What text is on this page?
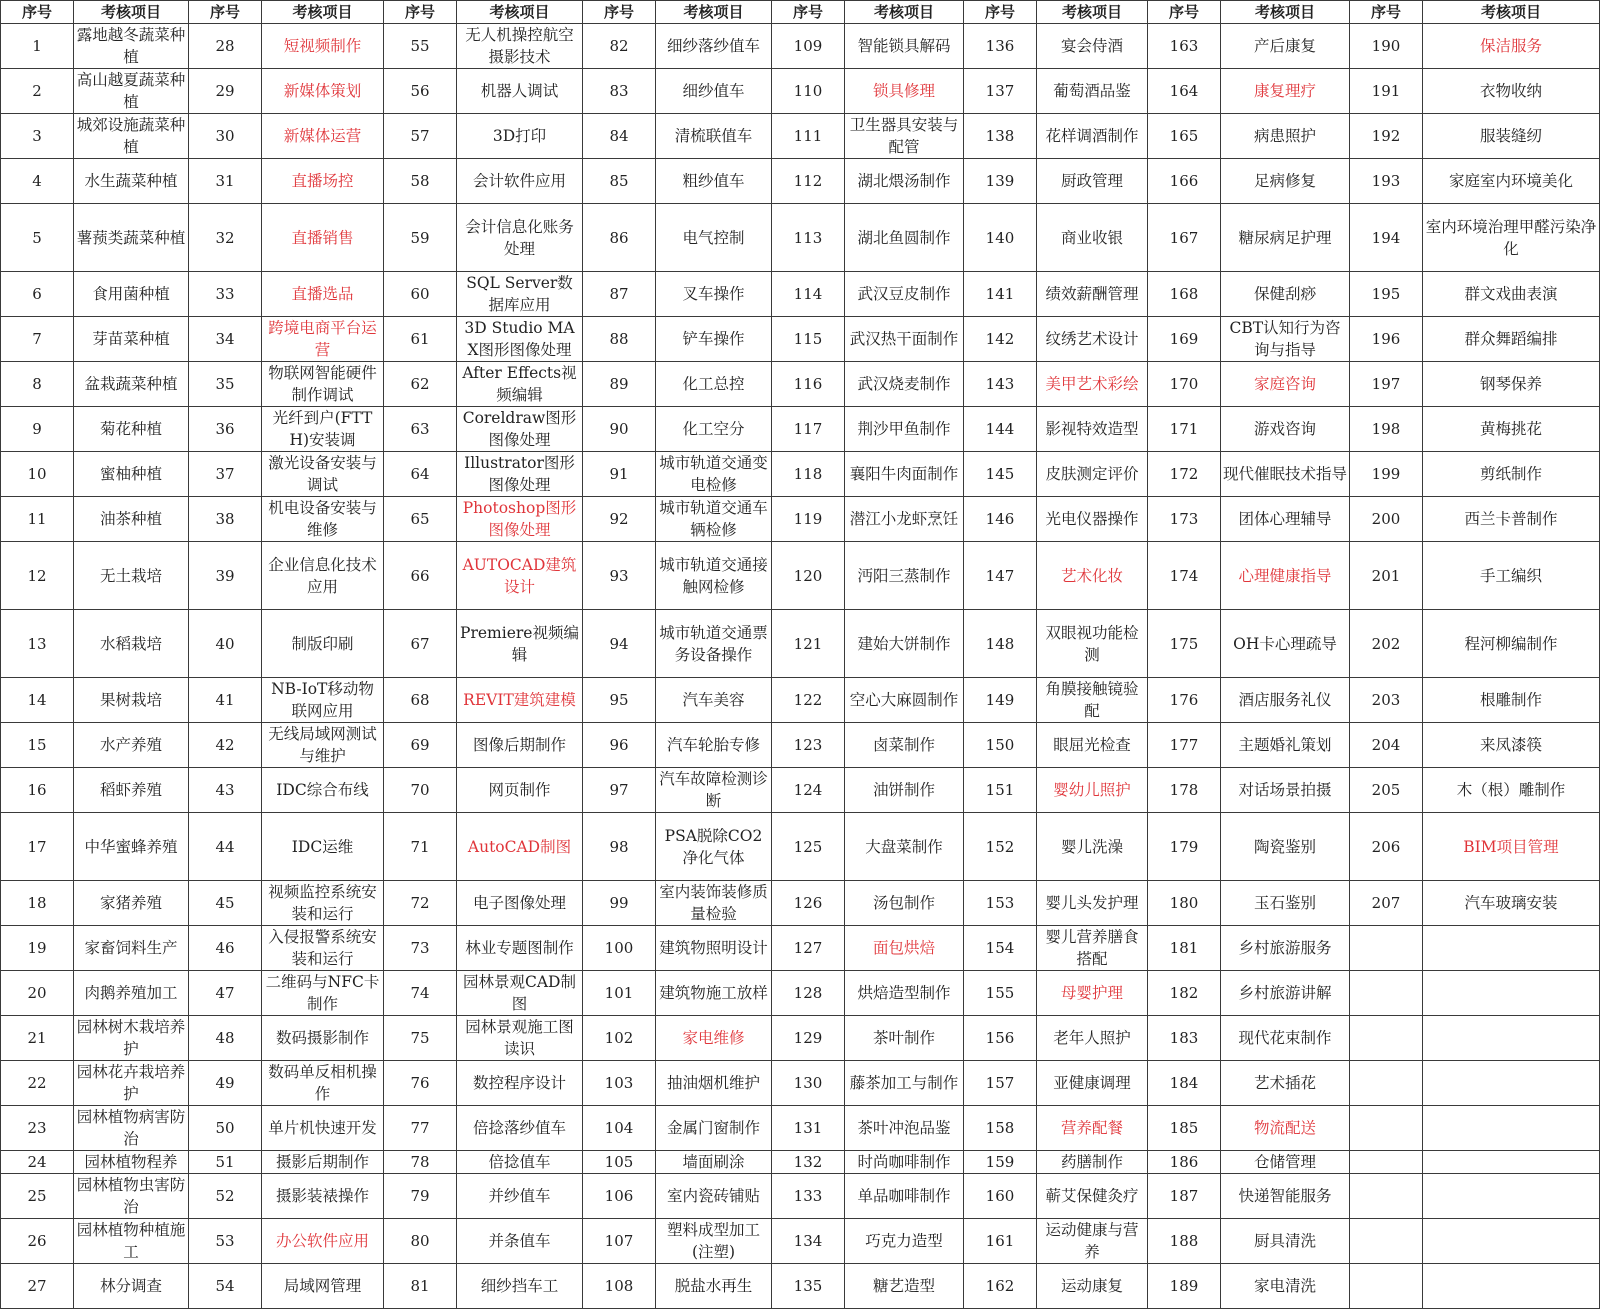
序号	考核项目	序号	考核项目	序号	考核项目	序号	考核项目	序号	考核项目	序号	考核项目	序号	考核项目	序号	考核项目
1	露地越冬蔬菜种植	28	短视频制作	55	无人机操控航空摄影技术	82	细纱落纱值车	109	智能锁具解码	136	宴会侍酒	163	产后康复	190	保洁服务
2	高山越夏蔬菜种植	29	新媒体策划	56	机器人调试	83	细纱值车	110	锁具修理	137	葡萄酒品鉴	164	康复理疗	191	衣物收纳
3	城郊设施蔬菜种植	30	新媒体运营	57	3D打印	84	清梳联值车	111	卫生器具安装与配管	138	花样调酒制作	165	病患照护	192	服装缝纫
4	水生蔬菜种植	31	直播场控	58	会计软件应用	85	粗纱值车	112	湖北煨汤制作	139	厨政管理	166	足病修复	193	家庭室内环境美化
5	薯蓣类蔬菜种植	32	直播销售	59	会计信息化账务处理	86	电气控制	113	湖北鱼圆制作	140	商业收银	167	糖尿病足护理	194	室内环境治理甲醛污染净化
6	食用菌种植	33	直播选品	60	SQL Server数据库应用	87	叉车操作	114	武汉豆皮制作	141	绩效薪酬管理	168	保健刮痧	195	群文戏曲表演
7	芽苗菜种植	34	跨境电商平台运营	61	3D Studio MAX图形图像处理	88	铲车操作	115	武汉热干面制作	142	纹绣艺术设计	169	CBT认知行为咨询与指导	196	群众舞蹈编排
8	盆栽蔬菜种植	35	物联网智能硬件制作调试	62	After Effects视频编辑	89	化工总控	116	武汉烧麦制作	143	美甲艺术彩绘	170	家庭咨询	197	钢琴保养
9	菊花种植	36	光纤到户(FTTH)安装调	63	Coreldraw图形图像处理	90	化工空分	117	荆沙甲鱼制作	144	影视特效造型	171	游戏咨询	198	黄梅挑花
10	蜜柚种植	37	激光设备安装与调试	64	Illustrator图形图像处理	91	城市轨道交通变电检修	118	襄阳牛肉面制作	145	皮肤测定评价	172	现代催眠技术指导	199	剪纸制作
11	油茶种植	38	机电设备安装与维修	65	Photoshop图形图像处理	92	城市轨道交通车辆检修	119	潜江小龙虾烹饪	146	光电仪器操作	173	团体心理辅导	200	西兰卡普制作
12	无土栽培	39	企业信息化技术应用	66	AUTOCAD建筑设计	93	城市轨道交通接触网检修	120	沔阳三蒸制作	147	艺术化妆	174	心理健康指导	201	手工编织
13	水稻栽培	40	制版印刷	67	Premiere视频编辑	94	城市轨道交通票务设备操作	121	建始大饼制作	148	双眼视功能检测	175	OH卡心理疏导	202	程河柳编制作
14	果树栽培	41	NB-IoT移动物联网应用	68	REVIT建筑建模	95	汽车美容	122	空心大麻圆制作	149	角膜接触镜验配	176	酒店服务礼仪	203	根雕制作
15	水产养殖	42	无线局域网测试与维护	69	图像后期制作	96	汽车轮胎专修	123	卤菜制作	150	眼屈光检查	177	主题婚礼策划	204	来凤漆筷
16	稻虾养殖	43	IDC综合布线	70	网页制作	97	汽车故障检测诊断	124	油饼制作	151	婴幼儿照护	178	对话场景拍摄	205	木（根）雕制作
17	中华蜜蜂养殖	44	IDC运维	71	AutoCAD制图	98	PSA脱除CO2净化气体	125	大盘菜制作	152	婴儿洗澡	179	陶瓷鉴别	206	BIM项目管理
18	家猪养殖	45	视频监控系统安装和运行	72	电子图像处理	99	室内装饰装修质量检验	126	汤包制作	153	婴儿头发护理	180	玉石鉴别	207	汽车玻璃安装
19	家畜饲料生产	46	入侵报警系统安装和运行	73	林业专题图制作	100	建筑物照明设计	127	面包烘焙	154	婴儿营养膳食搭配	181	乡村旅游服务		
20	肉鹅养殖加工	47	二维码与NFC卡制作	74	园林景观CAD制图	101	建筑物施工放样	128	烘焙造型制作	155	母婴护理	182	乡村旅游讲解		
21	园林树木栽培养护	48	数码摄影制作	75	园林景观施工图读识	102	家电维修	129	茶叶制作	156	老年人照护	183	现代花束制作		
22	园林花卉栽培养护	49	数码单反相机操作	76	数控程序设计	103	抽油烟机维护	130	藤茶加工与制作	157	亚健康调理	184	艺术插花		
23	园林植物病害防治	50	单片机快速开发	77	倍捻落纱值车	104	金属门窗制作	131	茶叶冲泡品鉴	158	营养配餐	185	物流配送		
24	园林植物程养	51	摄影后期制作	78	倍捻值车	105	墙面刷涂	132	时尚咖啡制作	159	药膳制作	186	仓储管理		
25	园林植物虫害防治	52	摄影装裱操作	79	并纱值车	106	室内瓷砖铺贴	133	单品咖啡制作	160	蕲艾保健灸疗	187	快递智能服务		
26	园林植物种植施工	53	办公软件应用	80	并条值车	107	塑料成型加工(注塑)	134	巧克力造型	161	运动健康与营养	188	厨具清洗		
27	林分调查	54	局域网管理	81	细纱挡车工	108	脱盐水再生	135	糖艺造型	162	运动康复	189	家电清洗		
